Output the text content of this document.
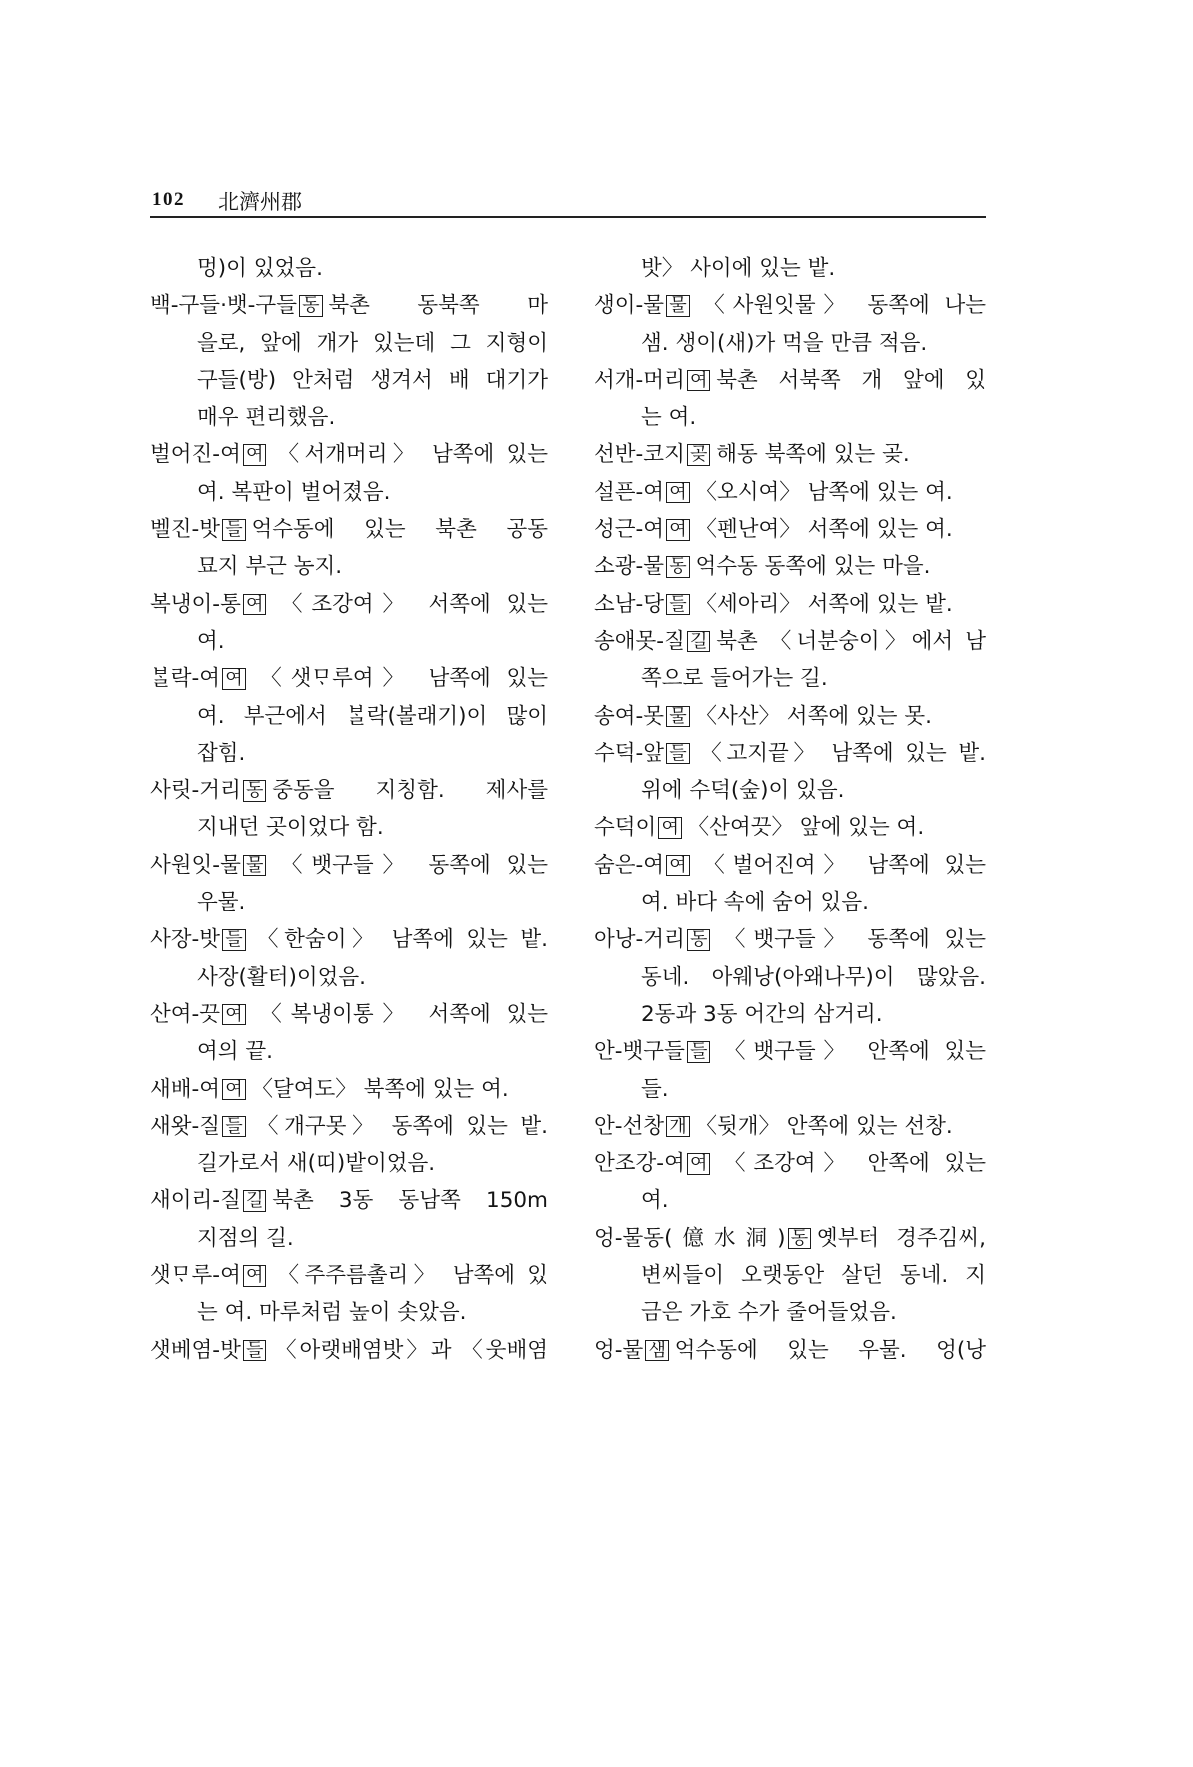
102 北濟州郡
멍)이 있었음.
백-구들·뱃-구들 동 북촌 동북쪽 마
을로, 앞에 개가 있는데 그 지형이
구들(방) 안처럼 생겨서 배 대기가
매우 편리했음.
벌어진-여 여 〈서개머리〉 남쪽에 있는
여. 복판이 벌어졌음.
벨진-밧 들 억수동에 있는 북촌 공동
묘지 부근 농지.
복냉이-통 여 〈조강여〉 서쪽에 있는
여.
ᄇᆞᆯ락-여 여 〈샛ᄆᆞ루여〉 남쪽에 있는
여. 부근에서 ᄇᆞᆯ락(볼래기)이 많이
잡힘.
사릿-거리 동 중동을 지칭함. 제사를
지내던 곳이었다 함.
사원잇-물 물 〈뱃구들〉 동쪽에 있는
우물.
사장-밧 들 〈한숨이〉 남쪽에 있는 밭.
사장(활터)이었음.
산여-끗 여 〈복냉이통〉 서쪽에 있는
여의 끝.
새배-여 여 〈달여도〉 북쪽에 있는 여.
새왓-질 들 〈개구못〉 동쪽에 있는 밭.
길가로서 새(띠)밭이었음.
새이리-질 길 북촌 3동 동남쪽 150m
지점의 길.
샛ᄆᆞ루-여 여 〈주주름촐리〉 남쪽에 있
는 여. 마루처럼 높이 솟았음.
샛베염-밧 들 〈아랫배염밧〉과 〈웃배염
밧〉 사이에 있는 밭.
생이-물 물 〈사원잇물〉 동쪽에 나는
샘. 생이(새)가 먹을 만큼 적음.
서개-머리 여 북촌 서북쪽 개 앞에 있
는 여.
선반-코지 곶 해동 북쪽에 있는 곶.
설픈-여 여 〈오시여〉 남쪽에 있는 여.
성근-여 여 〈펜난여〉 서쪽에 있는 여.
소광-물 동 억수동 동쪽에 있는 마을.
소남-당 들 〈세아리〉 서쪽에 있는 밭.
송애못-질 길 북촌 〈너분숭이〉에서 남
쪽으로 들어가는 길.
송여-못 물 〈사산〉 서쪽에 있는 못.
수덕-앞 들 〈고지끝〉 남쪽에 있는 밭.
위에 수덕(숲)이 있음.
수덕이 여 〈산여끗〉 앞에 있는 여.
숨은-여 여 〈벌어진여〉 남쪽에 있는
여. 바다 속에 숨어 있음.
아낭-거리 동 〈뱃구들〉 동쪽에 있는
동네. 아웨낭(아왜나무)이 많았음.
2동과 3동 어간의 삼거리.
안-뱃구들 들 〈뱃구들〉 안쪽에 있는
들.
안-선창 개 〈뒷개〉 안쪽에 있는 선창.
안조강-여 여 〈조강여〉 안쪽에 있는
여.
엉-물동(億水洞) 동 옛부터 경주김씨,
변씨들이 오랫동안 살던 동네. 지
금은 가호 수가 줄어들었음.
엉-물 샘 억수동에 있는 우물. 엉(낭
